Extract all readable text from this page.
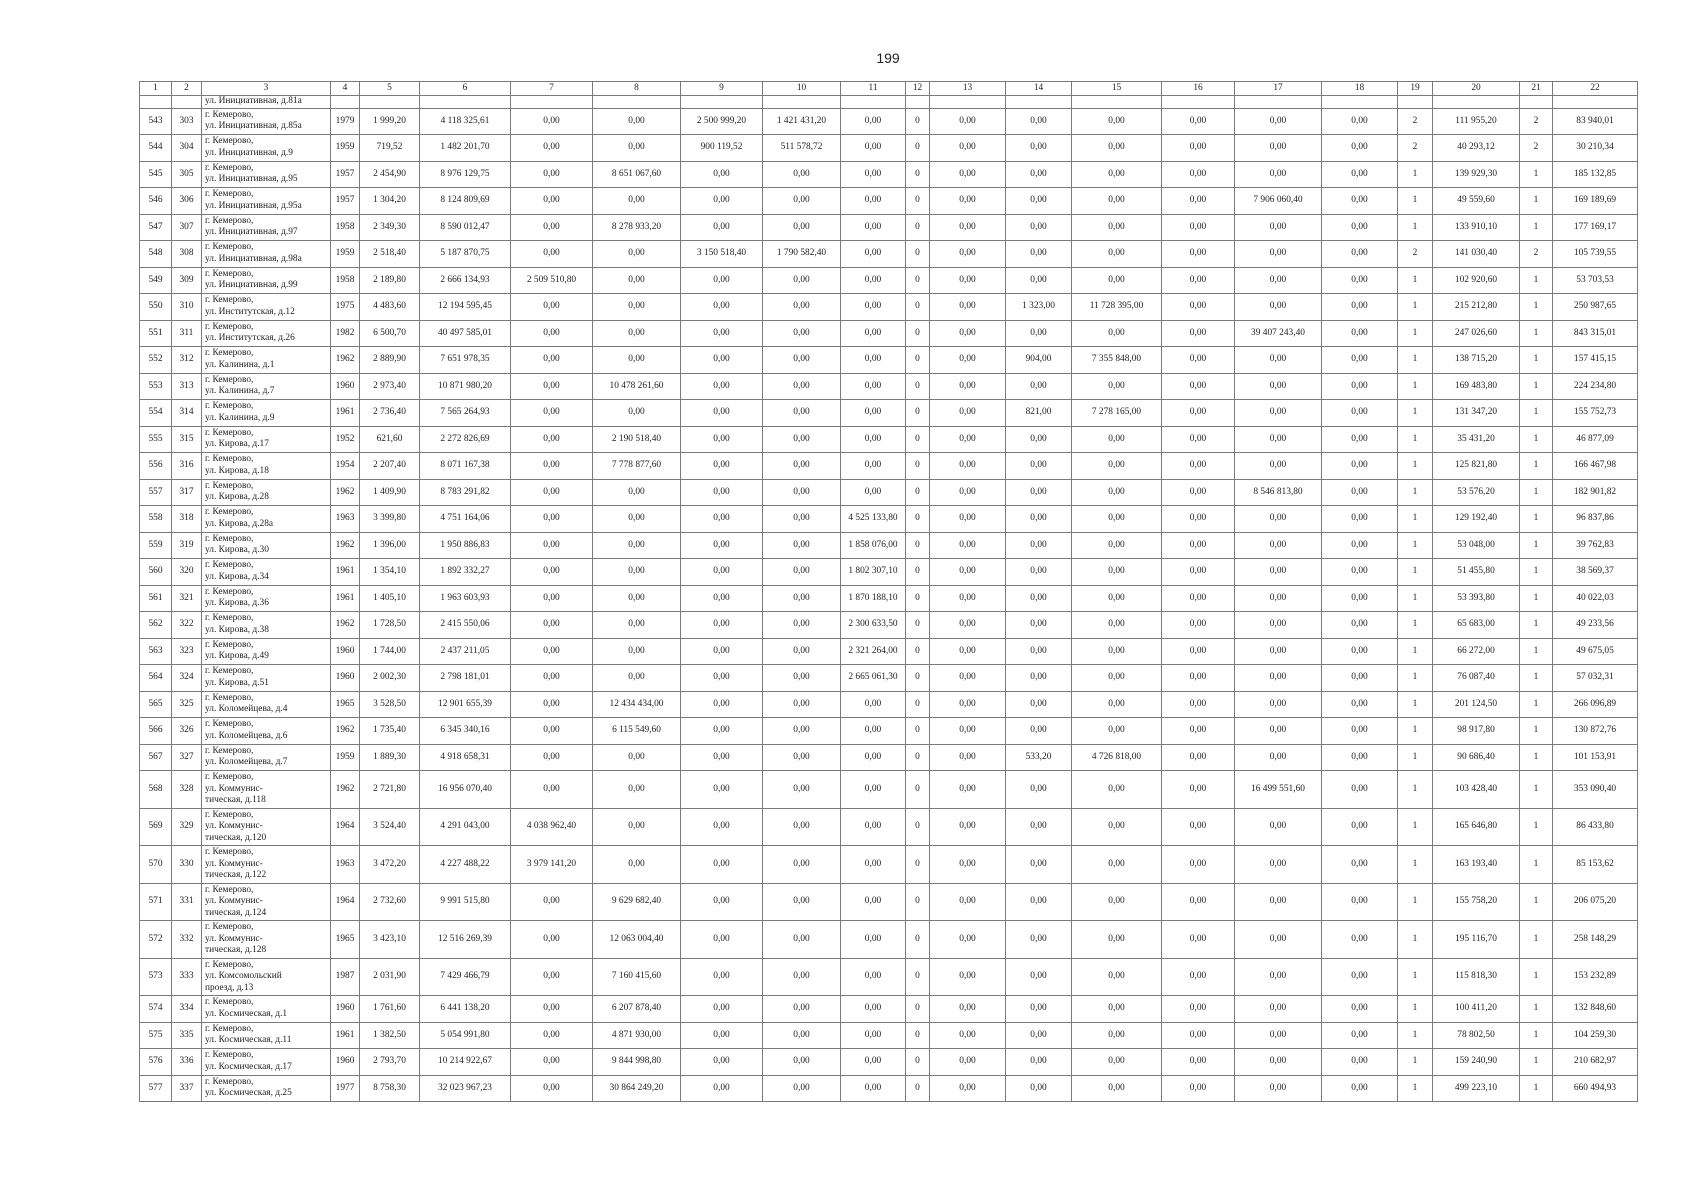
199
1	2	3	4	5	6	7	8	9	10	11	12	13	14	15	16	17	18	19	20	21	22
		ул. Инициативная, д.81а																			
543	303	г. Кемерово,
ул. Инициативная, д.85а	1979	1 999,20	4 118 325,61	0,00	0,00	2 500 999,20	1 421 431,20	0,00	0	0,00	0,00	0,00	0,00	0,00	0,00	2	111 955,20	2	83 940,01
544	304	г. Кемерово,
ул. Инициативная, д.9	1959	719,52	1 482 201,70	0,00	0,00	900 119,52	511 578,72	0,00	0	0,00	0,00	0,00	0,00	0,00	0,00	2	40 293,12	2	30 210,34
545	305	г. Кемерово,
ул. Инициативная, д.95	1957	2 454,90	8 976 129,75	0,00	8 651 067,60	0,00	0,00	0,00	0	0,00	0,00	0,00	0,00	0,00	0,00	1	139 929,30	1	185 132,85
546	306	г. Кемерово,
ул. Инициативная, д.95а	1957	1 304,20	8 124 809,69	0,00	0,00	0,00	0,00	0,00	0	0,00	0,00	0,00	0,00	7 906 060,40	0,00	1	49 559,60	1	169 189,69
547	307	г. Кемерово,
ул. Инициативная, д.97	1958	2 349,30	8 590 012,47	0,00	8 278 933,20	0,00	0,00	0,00	0	0,00	0,00	0,00	0,00	0,00	0,00	1	133 910,10	1	177 169,17
548	308	г. Кемерово,
ул. Инициативная, д.98а	1959	2 518,40	5 187 870,75	0,00	0,00	3 150 518,40	1 790 582,40	0,00	0	0,00	0,00	0,00	0,00	0,00	0,00	2	141 030,40	2	105 739,55
549	309	г. Кемерово,
ул. Инициативная, д.99	1958	2 189,80	2 666 134,93	2 509 510,80	0,00	0,00	0,00	0,00	0	0,00	0,00	0,00	0,00	0,00	0,00	1	102 920,60	1	53 703,53
550	310	г. Кемерово,
ул. Институтская, д.12	1975	4 483,60	12 194 595,45	0,00	0,00	0,00	0,00	0,00	0	0,00	1 323,00	11 728 395,00	0,00	0,00	0,00	1	215 212,80	1	250 987,65
551	311	г. Кемерово,
ул. Институтская, д.26	1982	6 500,70	40 497 585,01	0,00	0,00	0,00	0,00	0,00	0	0,00	0,00	0,00	0,00	39 407 243,40	0,00	1	247 026,60	1	843 315,01
552	312	г. Кемерово,
ул. Калинина, д.1	1962	2 889,90	7 651 978,35	0,00	0,00	0,00	0,00	0,00	0	0,00	904,00	7 355 848,00	0,00	0,00	0,00	1	138 715,20	1	157 415,15
553	313	г. Кемерово,
ул. Калинина, д.7	1960	2 973,40	10 871 980,20	0,00	10 478 261,60	0,00	0,00	0,00	0	0,00	0,00	0,00	0,00	0,00	0,00	1	169 483,80	1	224 234,80
554	314	г. Кемерово,
ул. Калинина, д.9	1961	2 736,40	7 565 264,93	0,00	0,00	0,00	0,00	0,00	0	0,00	821,00	7 278 165,00	0,00	0,00	0,00	1	131 347,20	1	155 752,73
555	315	г. Кемерово,
ул. Кирова, д.17	1952	621,60	2 272 826,69	0,00	2 190 518,40	0,00	0,00	0,00	0	0,00	0,00	0,00	0,00	0,00	0,00	1	35 431,20	1	46 877,09
556	316	г. Кемерово,
ул. Кирова, д.18	1954	2 207,40	8 071 167,38	0,00	7 778 877,60	0,00	0,00	0,00	0	0,00	0,00	0,00	0,00	0,00	0,00	1	125 821,80	1	166 467,98
557	317	г. Кемерово,
ул. Кирова, д.28	1962	1 409,90	8 783 291,82	0,00	0,00	0,00	0,00	0,00	0	0,00	0,00	0,00	0,00	8 546 813,80	0,00	1	53 576,20	1	182 901,82
558	318	г. Кемерово,
ул. Кирова, д.28а	1963	3 399,80	4 751 164,06	0,00	0,00	0,00	0,00	4 525 133,80	0	0,00	0,00	0,00	0,00	0,00	0,00	1	129 192,40	1	96 837,86
559	319	г. Кемерово,
ул. Кирова, д.30	1962	1 396,00	1 950 886,83	0,00	0,00	0,00	0,00	1 858 076,00	0	0,00	0,00	0,00	0,00	0,00	0,00	1	53 048,00	1	39 762,83
560	320	г. Кемерово,
ул. Кирова, д.34	1961	1 354,10	1 892 332,27	0,00	0,00	0,00	0,00	1 802 307,10	0	0,00	0,00	0,00	0,00	0,00	0,00	1	51 455,80	1	38 569,37
561	321	г. Кемерово,
ул. Кирова, д.36	1961	1 405,10	1 963 603,93	0,00	0,00	0,00	0,00	1 870 188,10	0	0,00	0,00	0,00	0,00	0,00	0,00	1	53 393,80	1	40 022,03
562	322	г. Кемерово,
ул. Кирова, д.38	1962	1 728,50	2 415 550,06	0,00	0,00	0,00	0,00	2 300 633,50	0	0,00	0,00	0,00	0,00	0,00	0,00	1	65 683,00	1	49 233,56
563	323	г. Кемерово,
ул. Кирова, д.49	1960	1 744,00	2 437 211,05	0,00	0,00	0,00	0,00	2 321 264,00	0	0,00	0,00	0,00	0,00	0,00	0,00	1	66 272,00	1	49 675,05
564	324	г. Кемерово,
ул. Кирова, д.51	1960	2 002,30	2 798 181,01	0,00	0,00	0,00	0,00	2 665 061,30	0	0,00	0,00	0,00	0,00	0,00	0,00	1	76 087,40	1	57 032,31
565	325	г. Кемерово,
ул. Коломейцева, д.4	1965	3 528,50	12 901 655,39	0,00	12 434 434,00	0,00	0,00	0,00	0	0,00	0,00	0,00	0,00	0,00	0,00	1	201 124,50	1	266 096,89
566	326	г. Кемерово,
ул. Коломейцева, д.6	1962	1 735,40	6 345 340,16	0,00	6 115 549,60	0,00	0,00	0,00	0	0,00	0,00	0,00	0,00	0,00	0,00	1	98 917,80	1	130 872,76
567	327	г. Кемерово,
ул. Коломейцева, д.7	1959	1 889,30	4 918 658,31	0,00	0,00	0,00	0,00	0,00	0	0,00	533,20	4 726 818,00	0,00	0,00	0,00	1	90 686,40	1	101 153,91
568	328	г. Кемерово,
ул. Коммунис-
тическая, д.118	1962	2 721,80	16 956 070,40	0,00	0,00	0,00	0,00	0,00	0	0,00	0,00	0,00	0,00	16 499 551,60	0,00	1	103 428,40	1	353 090,40
569	329	г. Кемерово,
ул. Коммунис-
тическая, д.120	1964	3 524,40	4 291 043,00	4 038 962,40	0,00	0,00	0,00	0,00	0	0,00	0,00	0,00	0,00	0,00	0,00	1	165 646,80	1	86 433,80
570	330	г. Кемерово,
ул. Коммунис-
тическая, д.122	1963	3 472,20	4 227 488,22	3 979 141,20	0,00	0,00	0,00	0,00	0	0,00	0,00	0,00	0,00	0,00	0,00	1	163 193,40	1	85 153,62
571	331	г. Кемерово,
ул. Коммунис-
тическая, д.124	1964	2 732,60	9 991 515,80	0,00	9 629 682,40	0,00	0,00	0,00	0	0,00	0,00	0,00	0,00	0,00	0,00	1	155 758,20	1	206 075,20
572	332	г. Кемерово,
ул. Коммунис-
тическая, д.128	1965	3 423,10	12 516 269,39	0,00	12 063 004,40	0,00	0,00	0,00	0	0,00	0,00	0,00	0,00	0,00	0,00	1	195 116,70	1	258 148,29
573	333	г. Кемерово,
ул. Комсомольский
проезд, д.13	1987	2 031,90	7 429 466,79	0,00	7 160 415,60	0,00	0,00	0,00	0	0,00	0,00	0,00	0,00	0,00	0,00	1	115 818,30	1	153 232,89
574	334	г. Кемерово,
ул. Космическая, д.1	1960	1 761,60	6 441 138,20	0,00	6 207 878,40	0,00	0,00	0,00	0	0,00	0,00	0,00	0,00	0,00	0,00	1	100 411,20	1	132 848,60
575	335	г. Кемерово,
ул. Космическая, д.11	1961	1 382,50	5 054 991,80	0,00	4 871 930,00	0,00	0,00	0,00	0	0,00	0,00	0,00	0,00	0,00	0,00	1	78 802,50	1	104 259,30
576	336	г. Кемерово,
ул. Космическая, д.17	1960	2 793,70	10 214 922,67	0,00	9 844 998,80	0,00	0,00	0,00	0	0,00	0,00	0,00	0,00	0,00	0,00	1	159 240,90	1	210 682,97
577	337	г. Кемерово,
ул. Космическая, д.25	1977	8 758,30	32 023 967,23	0,00	30 864 249,20	0,00	0,00	0,00	0	0,00	0,00	0,00	0,00	0,00	0,00	1	499 223,10	1	660 494,93
